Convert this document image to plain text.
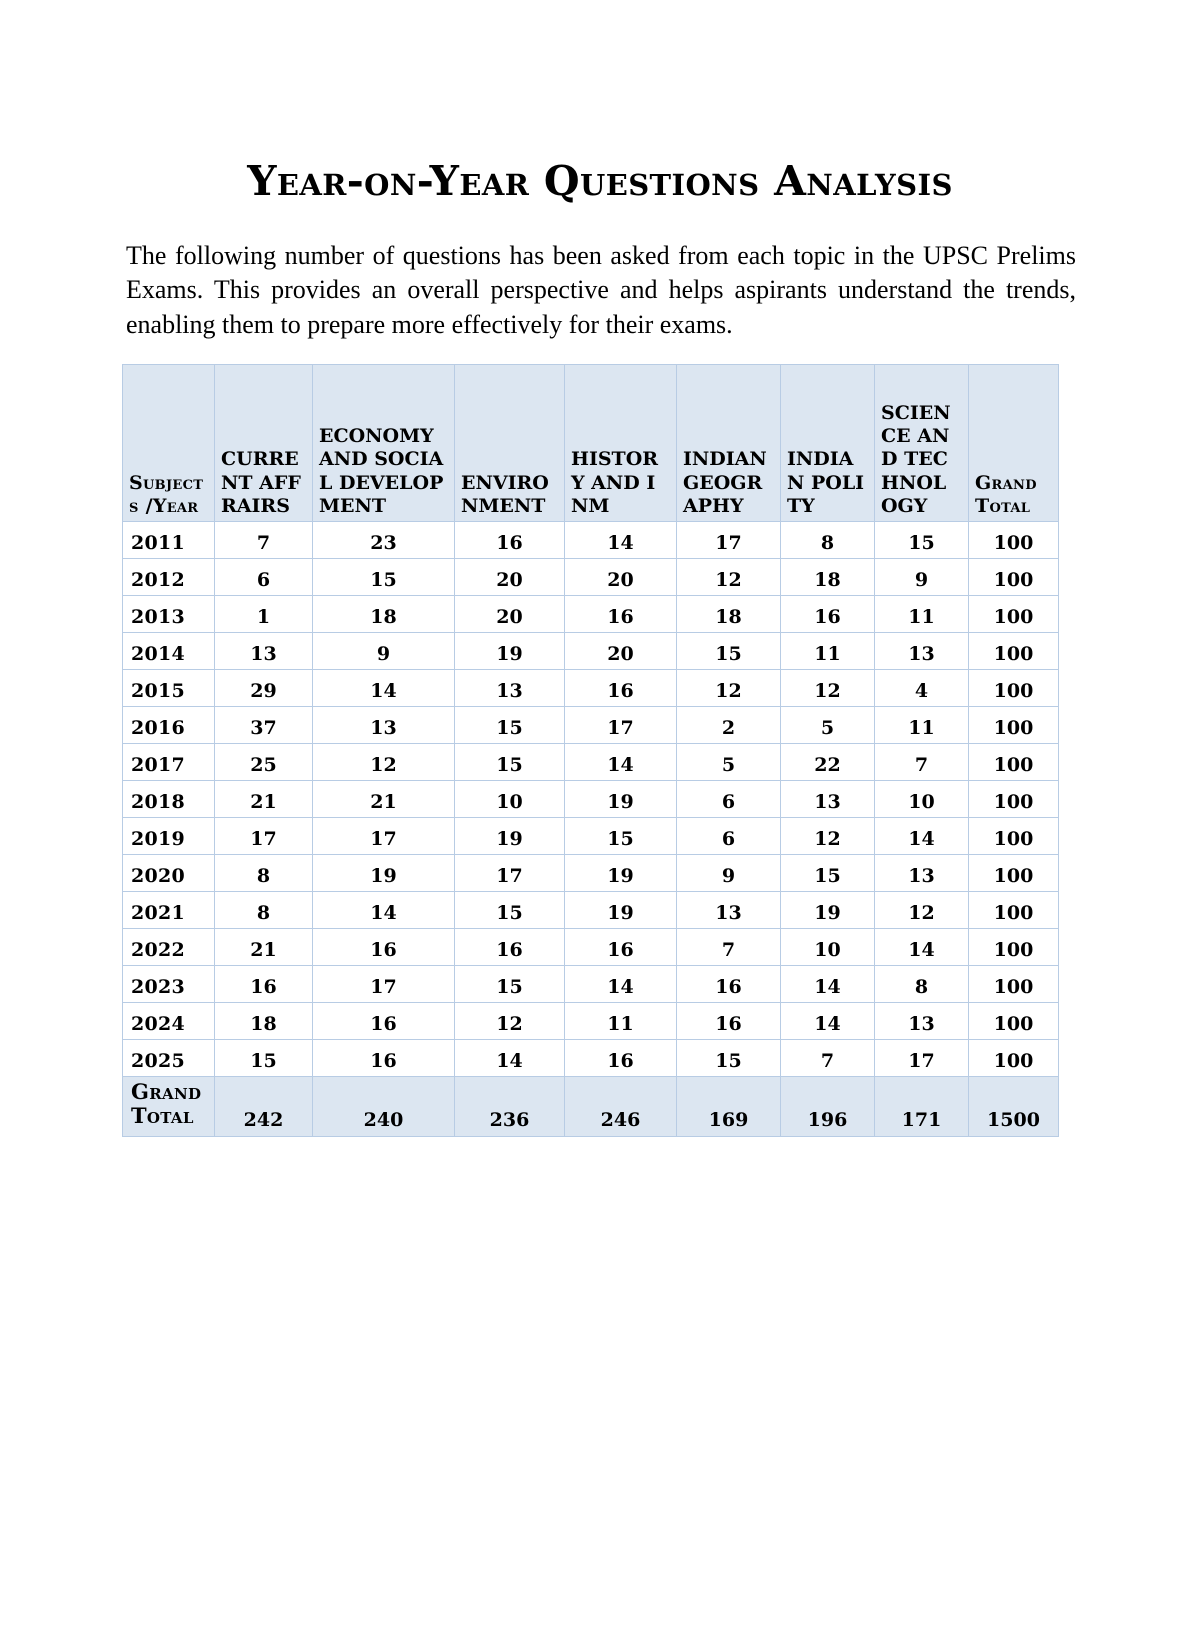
Year-on-Year Questions Analysis

The following number of questions has been asked from each topic in the UPSC Prelims Exams. This provides an overall perspective and helps aspirants understand the trends, enabling them to prepare more effectively for their exams.

Subjects /Year	CURRENT AFFRAIRS	ECONOMY AND SOCIAL DEVELOPMENT	ENVIRONMENT	HISTORY AND INM	INDIAN GEOGRAPHY	INDIAN POLITY	SCIENCE AND TECHNOLOGY	Grand Total
2011	7	23	16	14	17	8	15	100
2012	6	15	20	20	12	18	9	100
2013	1	18	20	16	18	16	11	100
2014	13	9	19	20	15	11	13	100
2015	29	14	13	16	12	12	4	100
2016	37	13	15	17	2	5	11	100
2017	25	12	15	14	5	22	7	100
2018	21	21	10	19	6	13	10	100
2019	17	17	19	15	6	12	14	100
2020	8	19	17	19	9	15	13	100
2021	8	14	15	19	13	19	12	100
2022	21	16	16	16	7	10	14	100
2023	16	17	15	14	16	14	8	100
2024	18	16	12	11	16	14	13	100
2025	15	16	14	16	15	7	17	100
Grand Total	242	240	236	246	169	196	171	1500
